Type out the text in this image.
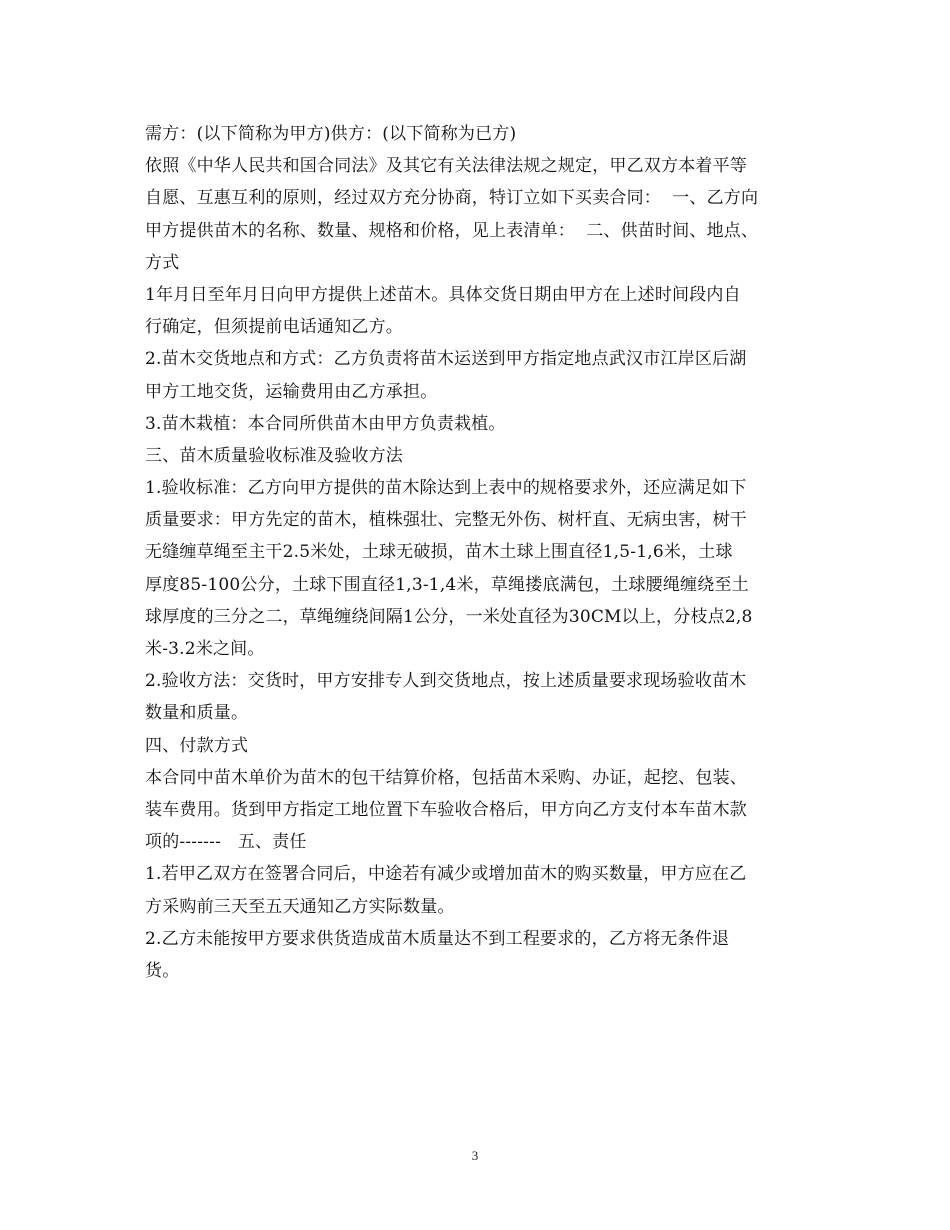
需方：(以下简称为甲方)供方：(以下简称为已方)
依照《中华人民共和国合同法》及其它有关法律法规之规定，甲乙双方本着平等
自愿、互惠互利的原则，经过双方充分协商，特订立如下买卖合同：  一、乙方向
甲方提供苗木的名称、数量、规格和价格，见上表清单：  二、供苗时间、地点、
方式
1年月日至年月日向甲方提供上述苗木。具体交货日期由甲方在上述时间段内自
行确定，但须提前电话通知乙方。
2.苗木交货地点和方式：乙方负责将苗木运送到甲方指定地点武汉市江岸区后湖
甲方工地交货，运输费用由乙方承担。
3.苗木栽植：本合同所供苗木由甲方负责栽植。
三、苗木质量验收标准及验收方法
1.验收标准：乙方向甲方提供的苗木除达到上表中的规格要求外，还应满足如下
质量要求：甲方先定的苗木，植株强壮、完整无外伤、树杆直、无病虫害，树干
无缝缠草绳至主干2.5米处，土球无破损，苗木土球上围直径1,5-1,6米，土球
厚度85-100公分，土球下围直径1,3-1,4米，草绳搂底满包，土球腰绳缠绕至土
球厚度的三分之二，草绳缠绕间隔1公分，一米处直径为30CM以上，分枝点2,8
米-3.2米之间。
2.验收方法：交货时，甲方安排专人到交货地点，按上述质量要求现场验收苗木
数量和质量。
四、付款方式
本合同中苗木单价为苗木的包干结算价格，包括苗木采购、办证，起挖、包装、
装车费用。货到甲方指定工地位置下车验收合格后，甲方向乙方支付本车苗木款
项的-------   五、责任
1.若甲乙双方在签署合同后，中途若有减少或增加苗木的购买数量，甲方应在乙
方采购前三天至五天通知乙方实际数量。
2.乙方未能按甲方要求供货造成苗木质量达不到工程要求的，乙方将无条件退
货。
3
